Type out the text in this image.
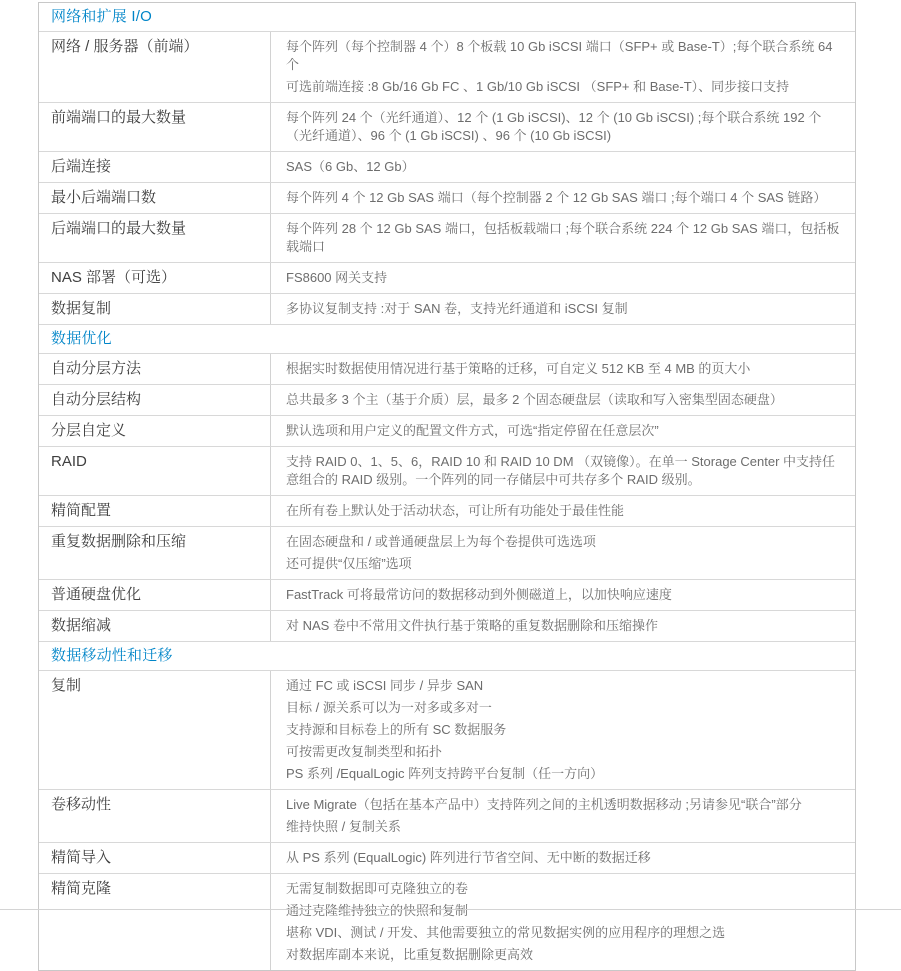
网络和扩展 I/O
网络 / 服务器（前端）	每个阵列（每个控制器 4 个）8 个板载 10 Gb iSCSI 端口（SFP+ 或 Base-T）;每个联合系统 64 个

可选前端连接 :8 Gb/16 Gb FC 、1 Gb/10 Gb iSCSI （SFP+ 和 Base-T）、同步接口支持

前端端口的最大数量	每个阵列 24 个（光纤通道）、12 个 (1 Gb iSCSI)、12 个 (10 Gb iSCSI) ;每个联合系统 192 个（光纤通道）、96 个 (1 Gb iSCSI) 、96 个 (10 Gb iSCSI)

后端连接	SAS（6 Gb、12 Gb）

最小后端端口数	每个阵列 4 个 12 Gb SAS 端口（每个控制器 2 个 12 Gb SAS 端口 ;每个端口 4 个 SAS 链路）

后端端口的最大数量	每个阵列 28 个 12 Gb SAS 端口，包括板载端口 ;每个联合系统 224 个 12 Gb SAS 端口，包括板载端口

NAS 部署（可选）	FS8600 网关支持

数据复制	多协议复制支持 :对于 SAN 卷，支持光纤通道和 iSCSI 复制

数据优化
自动分层方法	根据实时数据使用情况进行基于策略的迁移，可自定义 512 KB 至 4 MB 的页大小

自动分层结构	总共最多 3 个主（基于介质）层，最多 2 个固态硬盘层（读取和写入密集型固态硬盘）

分层自定义	默认选项和用户定义的配置文件方式，可选“指定停留在任意层次”

RAID	支持 RAID 0、1、5、6，RAID 10 和 RAID 10 DM （双镜像）。在单一 Storage Center 中支持任意组合的 RAID 级别。一个阵列的同一存储层中可共存多个 RAID 级别。

精简配置	在所有卷上默认处于活动状态，可让所有功能处于最佳性能

重复数据删除和压缩	在固态硬盘和 / 或普通硬盘层上为每个卷提供可选选项

还可提供“仅压缩”选项

普通硬盘优化	FastTrack 可将最常访问的数据移动到外侧磁道上，以加快响应速度

数据缩减	对 NAS 卷中不常用文件执行基于策略的重复数据删除和压缩操作

数据移动性和迁移
复制	通过 FC 或 iSCSI 同步 / 异步 SAN

目标 / 源关系可以为一对多或多对一

支持源和目标卷上的所有 SC 数据服务

可按需更改复制类型和拓扑

PS 系列 /EqualLogic 阵列支持跨平台复制（任一方向）

卷移动性	Live Migrate（包括在基本产品中）支持阵列之间的主机透明数据移动 ;另请参见“联合”部分

维持快照 / 复制关系

精简导入	从 PS 系列 (EqualLogic) 阵列进行节省空间、无中断的数据迁移

精简克隆	无需复制数据即可克隆独立的卷

通过克隆维持独立的快照和复制

堪称 VDI、测试 / 开发、其他需要独立的常见数据实例的应用程序的理想之选

对数据库副本来说，比重复数据删除更高效
